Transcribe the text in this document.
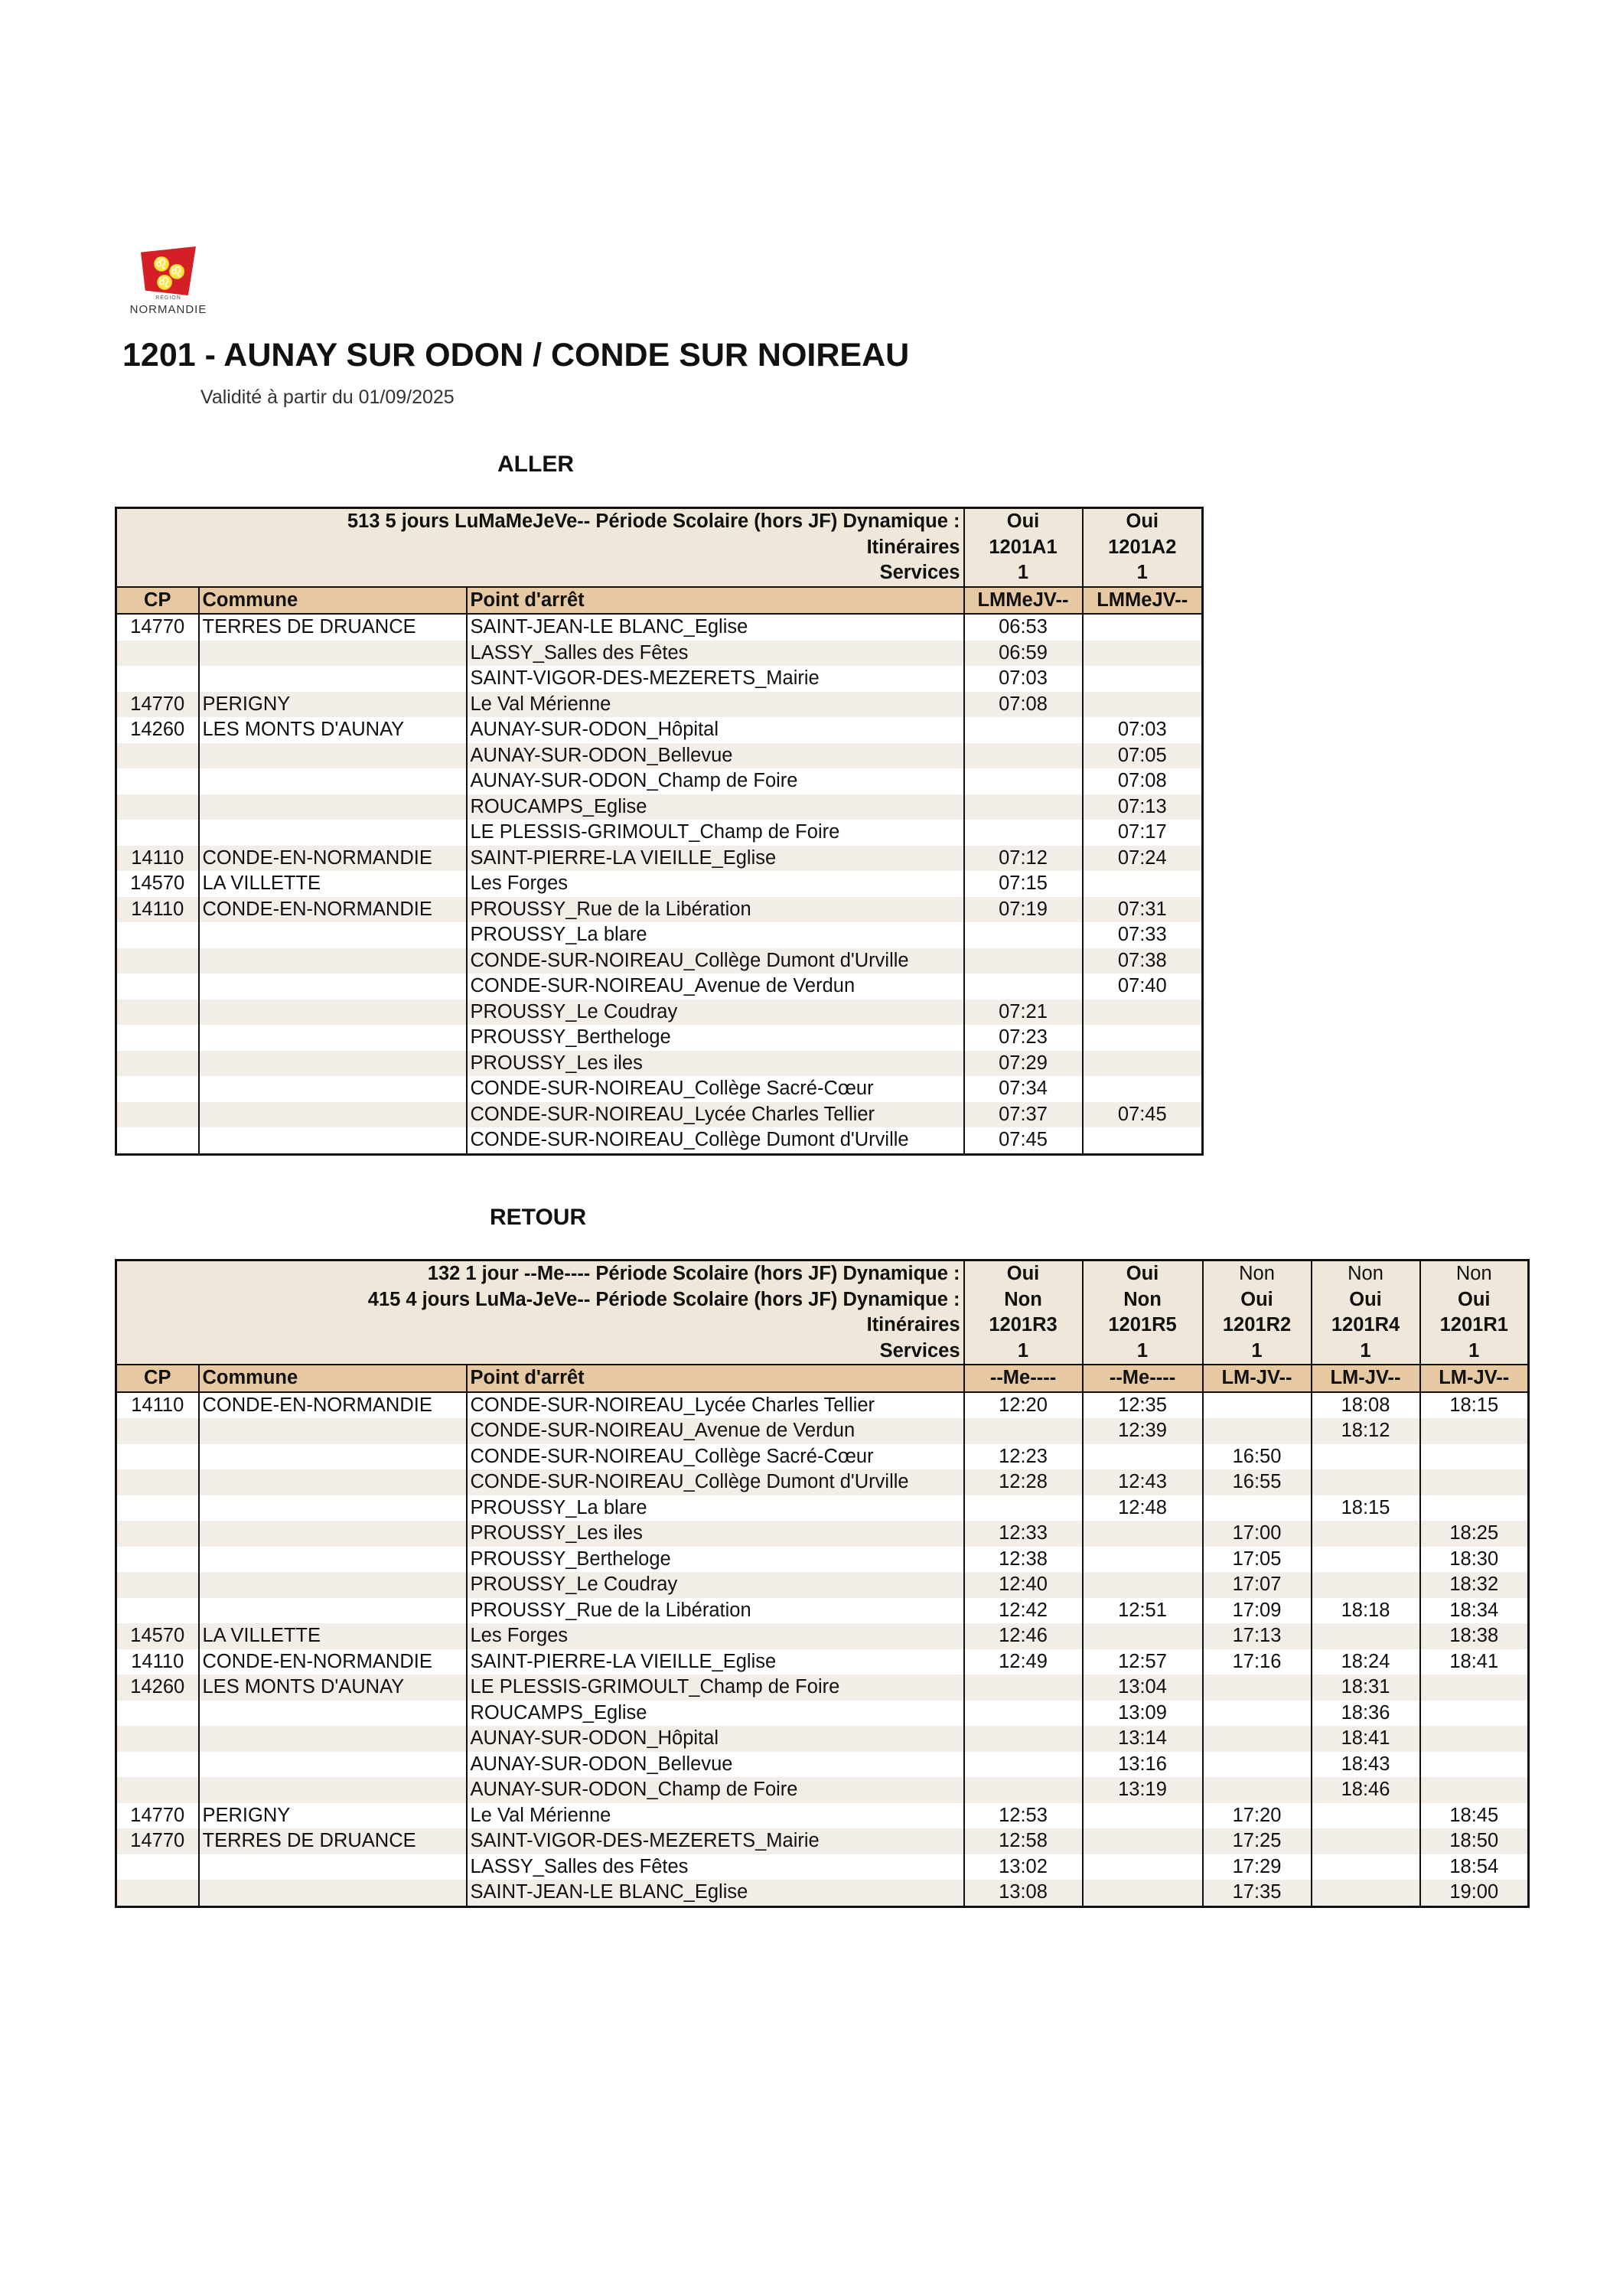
♌
♌
♌
RÉGION
NORMANDIE
1201 - AUNAY SUR ODON / CONDE SUR NOIREAU
Validité à partir du 01/09/2025
ALLER
513 5 jours LuMaMeJeVe-- Période Scolaire (hors JF) Dynamique :			Oui	Oui
Itinéraires			1201A1	1201A2
Services			1	1
CP	Commune	Point d'arrêt	LMMeJV--	LMMeJV--
14770	TERRES DE DRUANCE	SAINT-JEAN-LE BLANC_Eglise	06:53	
		LASSY_Salles des Fêtes	06:59	
		SAINT-VIGOR-DES-MEZERETS_Mairie	07:03	
14770	PERIGNY	Le Val Mérienne	07:08	
14260	LES MONTS D'AUNAY	AUNAY-SUR-ODON_Hôpital		07:03
		AUNAY-SUR-ODON_Bellevue		07:05
		AUNAY-SUR-ODON_Champ de Foire		07:08
		ROUCAMPS_Eglise		07:13
		LE PLESSIS-GRIMOULT_Champ de Foire		07:17
14110	CONDE-EN-NORMANDIE	SAINT-PIERRE-LA VIEILLE_Eglise	07:12	07:24
14570	LA VILLETTE	Les Forges	07:15	
14110	CONDE-EN-NORMANDIE	PROUSSY_Rue de la Libération	07:19	07:31
		PROUSSY_La blare		07:33
		CONDE-SUR-NOIREAU_Collège Dumont d'Urville		07:38
		CONDE-SUR-NOIREAU_Avenue de Verdun		07:40
		PROUSSY_Le Coudray	07:21	
		PROUSSY_Bertheloge	07:23	
		PROUSSY_Les iles	07:29	
		CONDE-SUR-NOIREAU_Collège Sacré-Cœur	07:34	
		CONDE-SUR-NOIREAU_Lycée Charles Tellier	07:37	07:45
		CONDE-SUR-NOIREAU_Collège Dumont d'Urville	07:45	
RETOUR
132 1 jour --Me---- Période Scolaire (hors JF) Dynamique :			Oui	Oui	Non	Non	Non
415 4 jours LuMa-JeVe-- Période Scolaire (hors JF) Dynamique :			Non	Non	Oui	Oui	Oui
Itinéraires			1201R3	1201R5	1201R2	1201R4	1201R1
Services			1	1	1	1	1
CP	Commune	Point d'arrêt	--Me----	--Me----	LM-JV--	LM-JV--	LM-JV--
14110	CONDE-EN-NORMANDIE	CONDE-SUR-NOIREAU_Lycée Charles Tellier	12:20	12:35		18:08	18:15
		CONDE-SUR-NOIREAU_Avenue de Verdun		12:39		18:12	
		CONDE-SUR-NOIREAU_Collège Sacré-Cœur	12:23		16:50		
		CONDE-SUR-NOIREAU_Collège Dumont d'Urville	12:28	12:43	16:55		
		PROUSSY_La blare		12:48		18:15	
		PROUSSY_Les iles	12:33		17:00		18:25
		PROUSSY_Bertheloge	12:38		17:05		18:30
		PROUSSY_Le Coudray	12:40		17:07		18:32
		PROUSSY_Rue de la Libération	12:42	12:51	17:09	18:18	18:34
14570	LA VILLETTE	Les Forges	12:46		17:13		18:38
14110	CONDE-EN-NORMANDIE	SAINT-PIERRE-LA VIEILLE_Eglise	12:49	12:57	17:16	18:24	18:41
14260	LES MONTS D'AUNAY	LE PLESSIS-GRIMOULT_Champ de Foire		13:04		18:31	
		ROUCAMPS_Eglise		13:09		18:36	
		AUNAY-SUR-ODON_Hôpital		13:14		18:41	
		AUNAY-SUR-ODON_Bellevue		13:16		18:43	
		AUNAY-SUR-ODON_Champ de Foire		13:19		18:46	
14770	PERIGNY	Le Val Mérienne	12:53		17:20		18:45
14770	TERRES DE DRUANCE	SAINT-VIGOR-DES-MEZERETS_Mairie	12:58		17:25		18:50
		LASSY_Salles des Fêtes	13:02		17:29		18:54
		SAINT-JEAN-LE BLANC_Eglise	13:08		17:35		19:00
